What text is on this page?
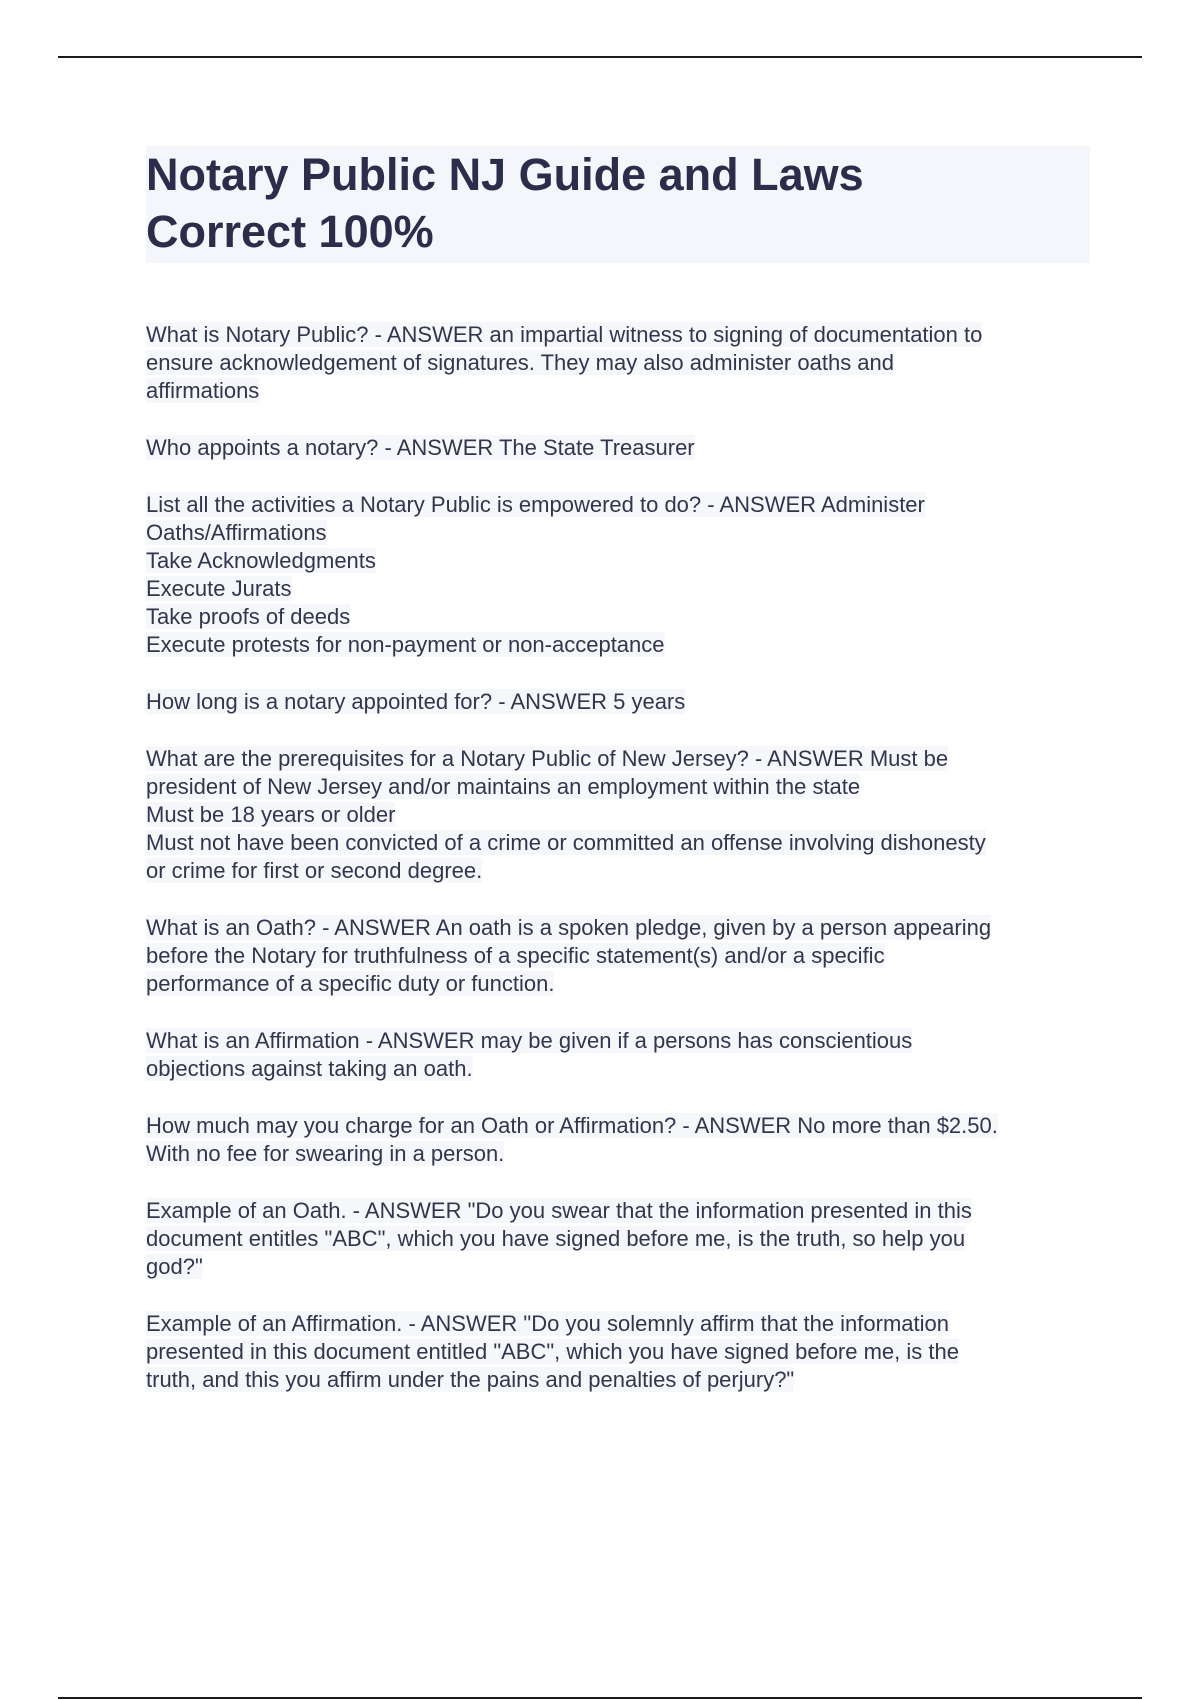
Notary Public NJ Guide and Laws
Correct 100%
What is Notary Public? - ANSWER an impartial witness to signing of documentation to
ensure acknowledgement of signatures. They may also administer oaths and
affirmations
Who appoints a notary? - ANSWER The State Treasurer
List all the activities a Notary Public is empowered to do? - ANSWER Administer
Oaths/Affirmations
Take Acknowledgments
Execute Jurats
Take proofs of deeds
Execute protests for non-payment or non-acceptance
How long is a notary appointed for? - ANSWER 5 years
What are the prerequisites for a Notary Public of New Jersey? - ANSWER Must be
president of New Jersey and/or maintains an employment within the state
Must be 18 years or older
Must not have been convicted of a crime or committed an offense involving dishonesty
or crime for first or second degree.
What is an Oath? - ANSWER An oath is a spoken pledge, given by a person appearing
before the Notary for truthfulness of a specific statement(s) and/or a specific
performance of a specific duty or function.
What is an Affirmation - ANSWER may be given if a persons has conscientious
objections against taking an oath.
How much may you charge for an Oath or Affirmation? - ANSWER No more than $2.50.
With no fee for swearing in a person.
Example of an Oath. - ANSWER "Do you swear that the information presented in this
document entitles "ABC", which you have signed before me, is the truth, so help you
god?"
Example of an Affirmation. - ANSWER "Do you solemnly affirm that the information
presented in this document entitled "ABC", which you have signed before me, is the
truth, and this you affirm under the pains and penalties of perjury?"
